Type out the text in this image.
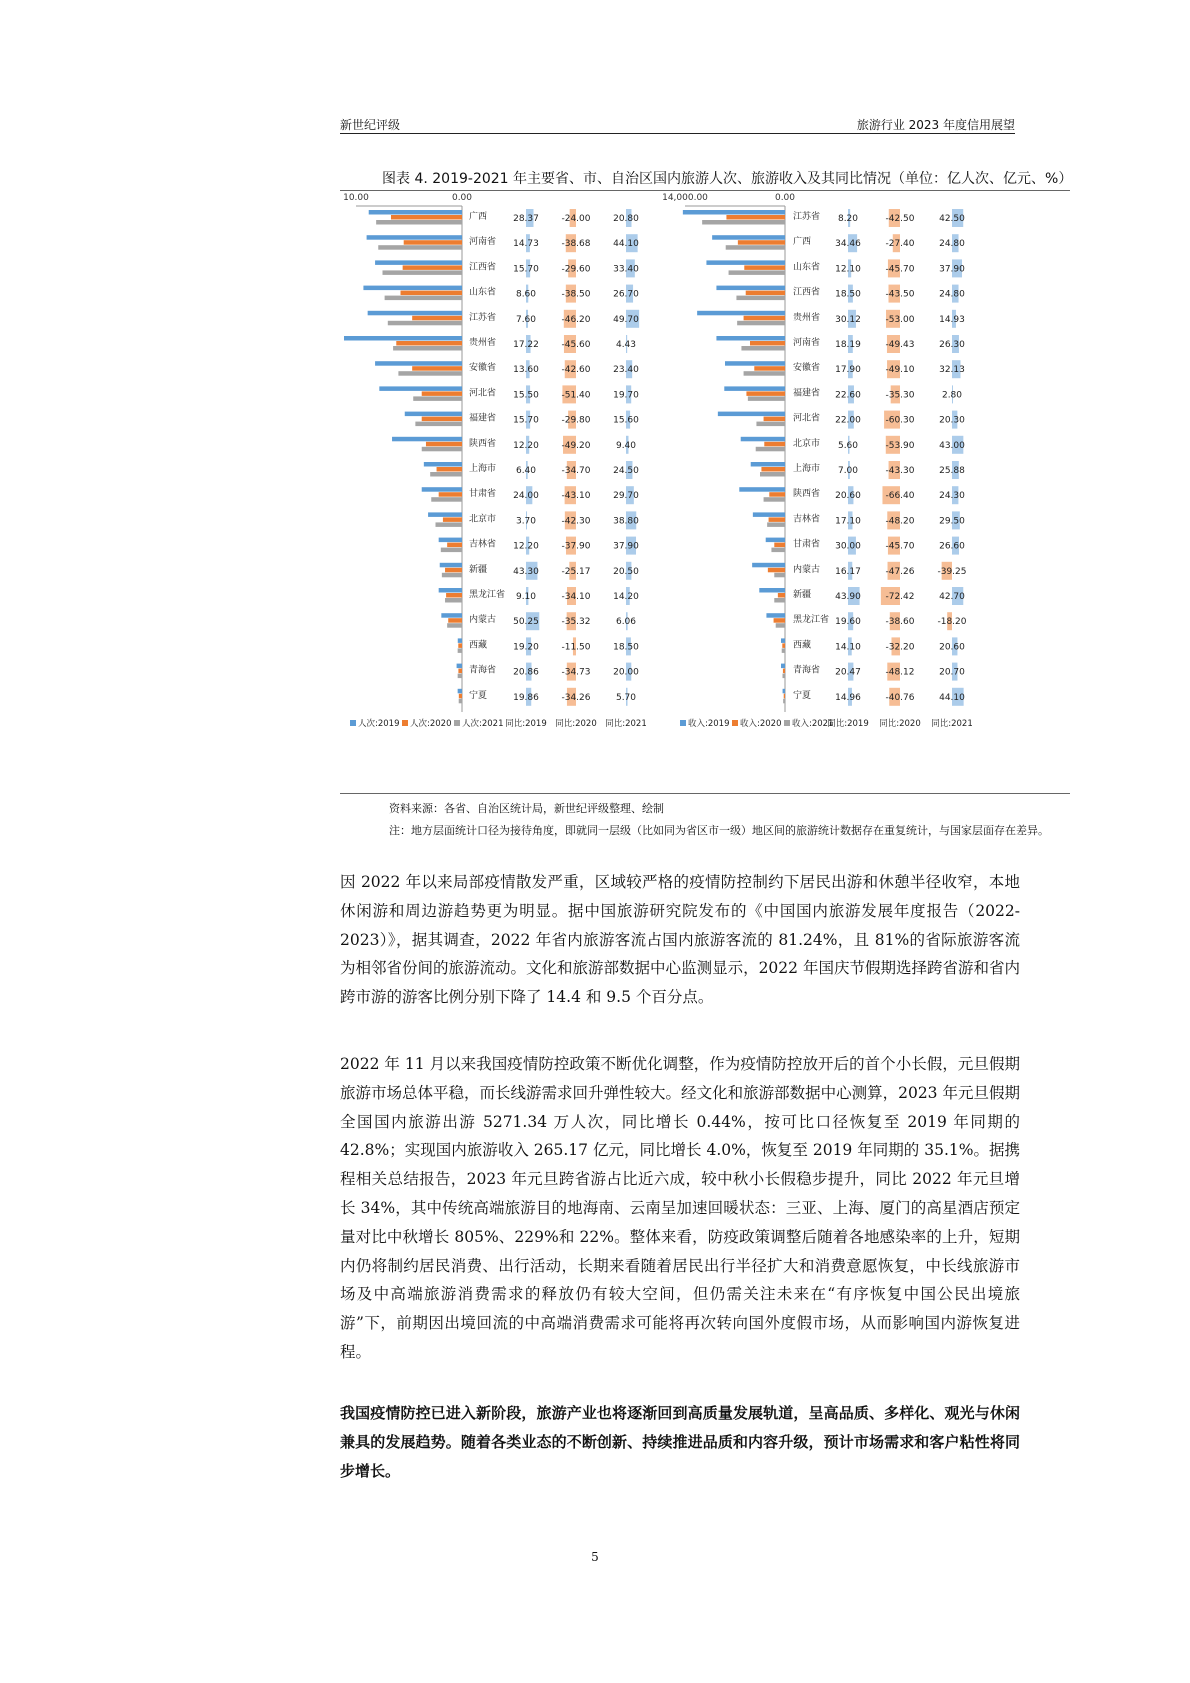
新世纪评级	旅游行业 2023 年度信用展望
图表 4. 2019-2021 年主要省、市、自治区国内旅游人次、旅游收入及其同比情况（单位：亿人次、亿元、%）
10.00	0.00
广西	28.37	-24.00	20.80
河南省 14.73	-38.68	44.10
江西省 15.70	-29.60	33.40
山东省 8.60	-38.50	26.70
江苏省 7.60	-46.20	49.70
贵州省 17.22	-45.60	4.43
安徽省 13.60	-42.60	23.40
河北省 15.50	-51.40	19.70
福建省 15.70	-29.80	15.60
陕西省 12.20	-49.20	9.40
上海市 6.40	-34.70	24.50
甘肃省 24.00	-43.10	29.70
北京市 3.70	-42.30	38.80
吉林省 12.20	-37.90	37.90
新疆	43.30	-25.17	20.50
黑龙江省 9.10	-34.10	14.20
内蒙古 50.25	-35.32	6.06
西藏	19.20	-11.50	18.50
青海省 20.86	-34.73	20.00
宁夏	19.86	-34.26	5.70
人次:2019 人次:2020 人次:2021 同比:2019 同比:2020 同比:2021
14,000.00	0.00
江苏省 8.20	-42.50	42.50
广西	34.46	-27.40	24.80
山东省 12.10	-45.70	37.90
江西省 18.50	-43.50	24.80
贵州省 30.12	-53.00	14.93
河南省 18.19	-49.43	26.30
安徽省 17.90	-49.10	32.13
福建省 22.60	-35.30	2.80
河北省 22.00	-60.30	20.30
北京市 5.60	-53.90	43.00
上海市 7.00	-43.30	25.88
陕西省 20.60	-66.40	24.30
吉林省 17.10	-48.20	29.50
甘肃省 30.00	-45.70	26.60
内蒙古 16.17	-47.26	-39.25
新疆	43.90	-72.42	42.70
黑龙江省 19.60	-38.60	-18.20
西藏	14.10	-32.20	20.60
青海省 20.47	-48.12	20.70
宁夏	14.96	-40.76	44.10
收入:2019 收入:2020 收入:2021
同比:2019 同比:2020 同比:2021
资料来源：各省、自治区统计局，新世纪评级整理、绘制
注：地方层面统计口径为接待角度，即就同一层级（比如同为省区市一级）地区间的旅游统计数据存在重复统计，与国家层面存在差异。
因 2022 年以来局部疫情散发严重，区域较严格的疫情防控制约下居民出游和休憩半径收窄，本地休闲游和周边游趋势更为明显。据中国旅游研究院发布的《中国国内旅游发展年度报告（2022-2023）》，据其调查，2022 年省内旅游客流占国内旅游客流的 81.24%，且 81%的省际旅游客流为相邻省份间的旅游流动。文化和旅游部数据中心监测显示，2022 年国庆节假期选择跨省游和省内跨市游的游客比例分别下降了 14.4 和 9.5 个百分点。
2022 年 11 月以来我国疫情防控政策不断优化调整，作为疫情防控放开后的首个小长假，元旦假期旅游市场总体平稳，而长线游需求回升弹性较大。经文化和旅游部数据中心测算，2023 年元旦假期全国国内旅游出游 5271.34 万人次，同比增长 0.44%，按可比口径恢复至 2019 年同期的 42.8%；实现国内旅游收入 265.17 亿元，同比增长 4.0%，恢复至 2019 年同期的 35.1%。据携程相关总结报告，2023 年元旦跨省游占比近六成，较中秋小长假稳步提升，同比 2022 年元旦增长 34%，其中传统高端旅游目的地海南、云南呈加速回暖状态：三亚、上海、厦门的高星酒店预定量对比中秋增长 805%、229%和 22%。整体来看，防疫政策调整后随着各地感染率的上升，短期内仍将制约居民消费、出行活动，长期来看随着居民出行半径扩大和消费意愿恢复，中长线旅游市场及中高端旅游消费需求的释放仍有较大空间，但仍需关注未来在“有序恢复中国公民出境旅游”下，前期因出境回流的中高端消费需求可能将再次转向国外度假市场，从而影响国内游恢复进程。
我国疫情防控已进入新阶段，旅游产业也将逐渐回到高质量发展轨道，呈高品质、多样化、观光与休闲兼具的发展趋势。随着各类业态的不断创新、持续推进品质和内容升级，预计市场需求和客户粘性将同步增长。
5
